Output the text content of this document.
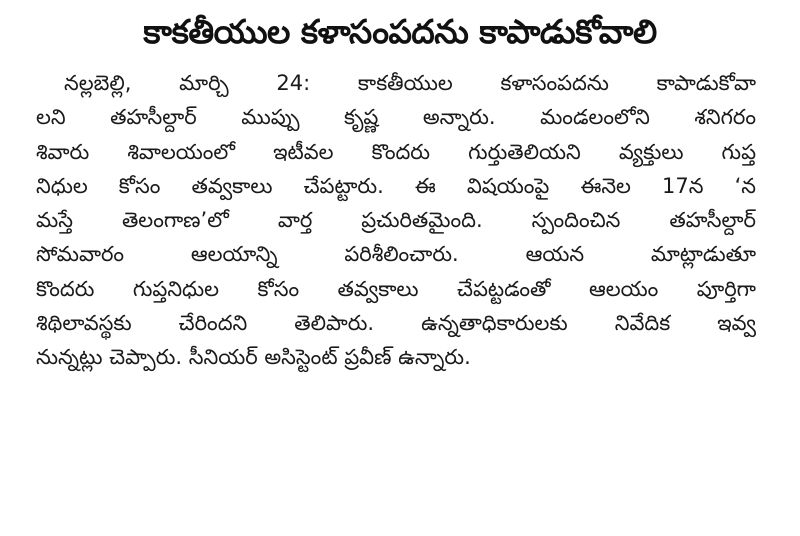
కాకతీయుల కళాసంపదను కాపాడుకోవాలి
నల్లబెల్లి, మార్చి 24: కాకతీయుల కళాసంపదను కాపాడుకోవా
లని తహసీల్దార్ ముప్పు కృష్ణ అన్నారు. మండలంలోని శనిగరం
శివారు శివాలయంలో ఇటీవల కొందరు గుర్తుతెలియని వ్యక్తులు గుప్త
నిధుల కోసం తవ్వకాలు చేపట్టారు. ఈ విషయంపై ఈనెల 17న ‘న
మస్తే తెలంగాణ’లో వార్త ప్రచురితమైంది. స్పందించిన తహసీల్దార్
సోమవారం ఆలయాన్ని పరిశీలించారు. ఆయన మాట్లాడుతూ
కొందరు గుప్తనిధుల కోసం తవ్వకాలు చేపట్టడంతో ఆలయం పూర్తిగా
శిథిలావస్థకు చేరిందని తెలిపారు. ఉన్నతాధికారులకు నివేదిక ఇవ్వ
నున్నట్లు చెప్పారు. సీనియర్ అసిస్టెంట్ ప్రవీణ్ ఉన్నారు.
